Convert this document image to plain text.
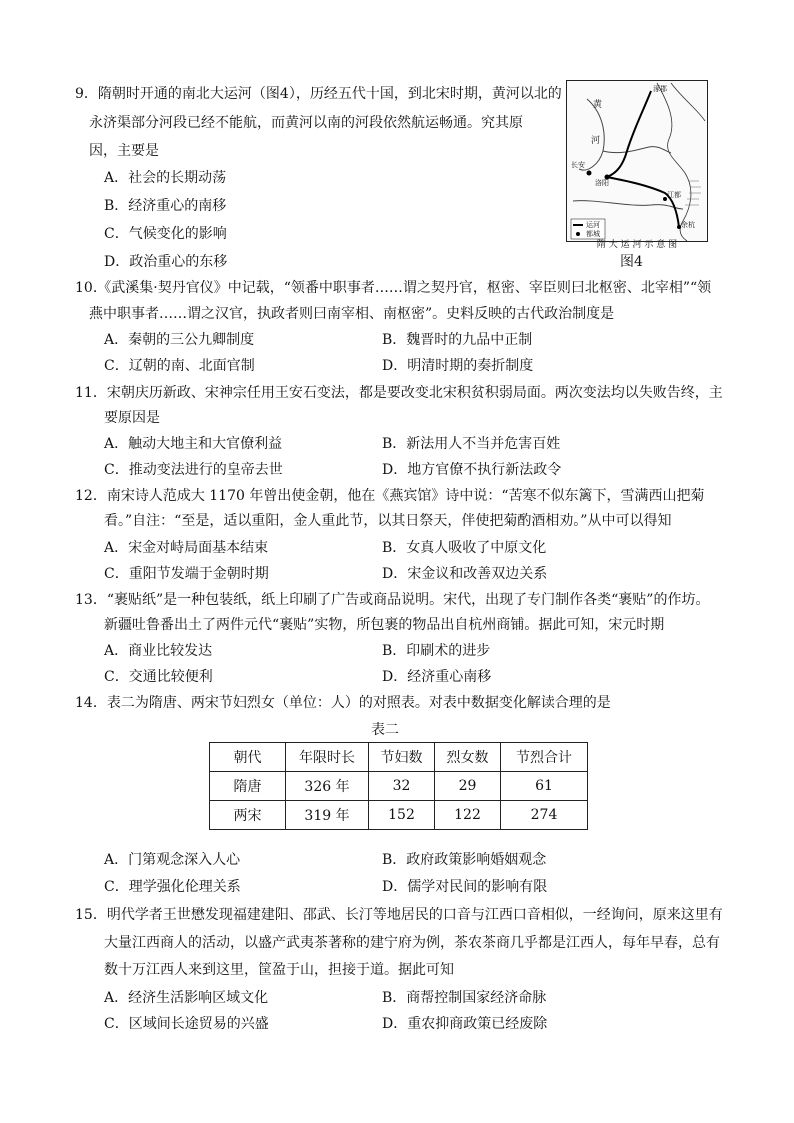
9．隋朝时开通的南北大运河（图4），历经五代十国，到北宋时期，黄河以北的
永济渠部分河段已经不能航，而黄河以南的河段依然航运畅通。究其原
因，主要是
A．社会的长期动荡
B．经济重心的南移
C．气候变化的影响
D．政治重心的东移
涿郡
黄
河
长安
洛阳
江都
余杭
运河
都城
隋 大 运 河 示 意 图
图4
10.《武溪集·契丹官仪》中记载，“领番中职事者……谓之契丹官，枢密、宰臣则曰北枢密、北宰相”“领
燕中职事者……谓之汉官，执政者则曰南宰相、南枢密”。史料反映的古代政治制度是
A．秦朝的三公九卿制度	B．魏晋时的九品中正制
C．辽朝的南、北面官制	D．明清时期的奏折制度
11．宋朝庆历新政、宋神宗任用王安石变法，都是要改变北宋积贫积弱局面。两次变法均以失败告终，主
要原因是
A．触动大地主和大官僚利益	B．新法用人不当并危害百姓
C．推动变法进行的皇帝去世	D．地方官僚不执行新法政令
12．南宋诗人范成大 1170 年曾出使金朝，他在《燕宾馆》诗中说：“苦寒不似东篱下，雪满西山把菊
看。”自注：“至是，适以重阳，金人重此节，以其日祭天，伴使把菊酌酒相劝。”从中可以得知
A．宋金对峙局面基本结束	B．女真人吸收了中原文化
C．重阳节发端于金朝时期	D．宋金议和改善双边关系
13．“裹贴纸”是一种包装纸，纸上印刷了广告或商品说明。宋代，出现了专门制作各类“裹贴”的作坊。
新疆吐鲁番出土了两件元代“裹贴”实物，所包裹的物品出自杭州商铺。据此可知，宋元时期
A．商业比较发达	B．印刷术的进步
C．交通比较便利	D．经济重心南移
14．表二为隋唐、两宋节妇烈女（单位：人）的对照表。对表中数据变化解读合理的是
表二
朝代	年限时长	节妇数	烈女数	节烈合计
隋唐	326 年	32	29	61
两宋	319 年	152	122	274
A．门第观念深入人心	B．政府政策影响婚姻观念
C．理学强化伦理关系	D．儒学对民间的影响有限
15．明代学者王世懋发现福建建阳、邵武、长汀等地居民的口音与江西口音相似，一经询问，原来这里有
大量江西商人的活动，以盛产武夷茶著称的建宁府为例，茶农茶商几乎都是江西人，每年早春，总有
数十万江西人来到这里，筐盈于山，担接于道。据此可知
A．经济生活影响区域文化	B．商帮控制国家经济命脉
C．区域间长途贸易的兴盛	D．重农抑商政策已经废除
